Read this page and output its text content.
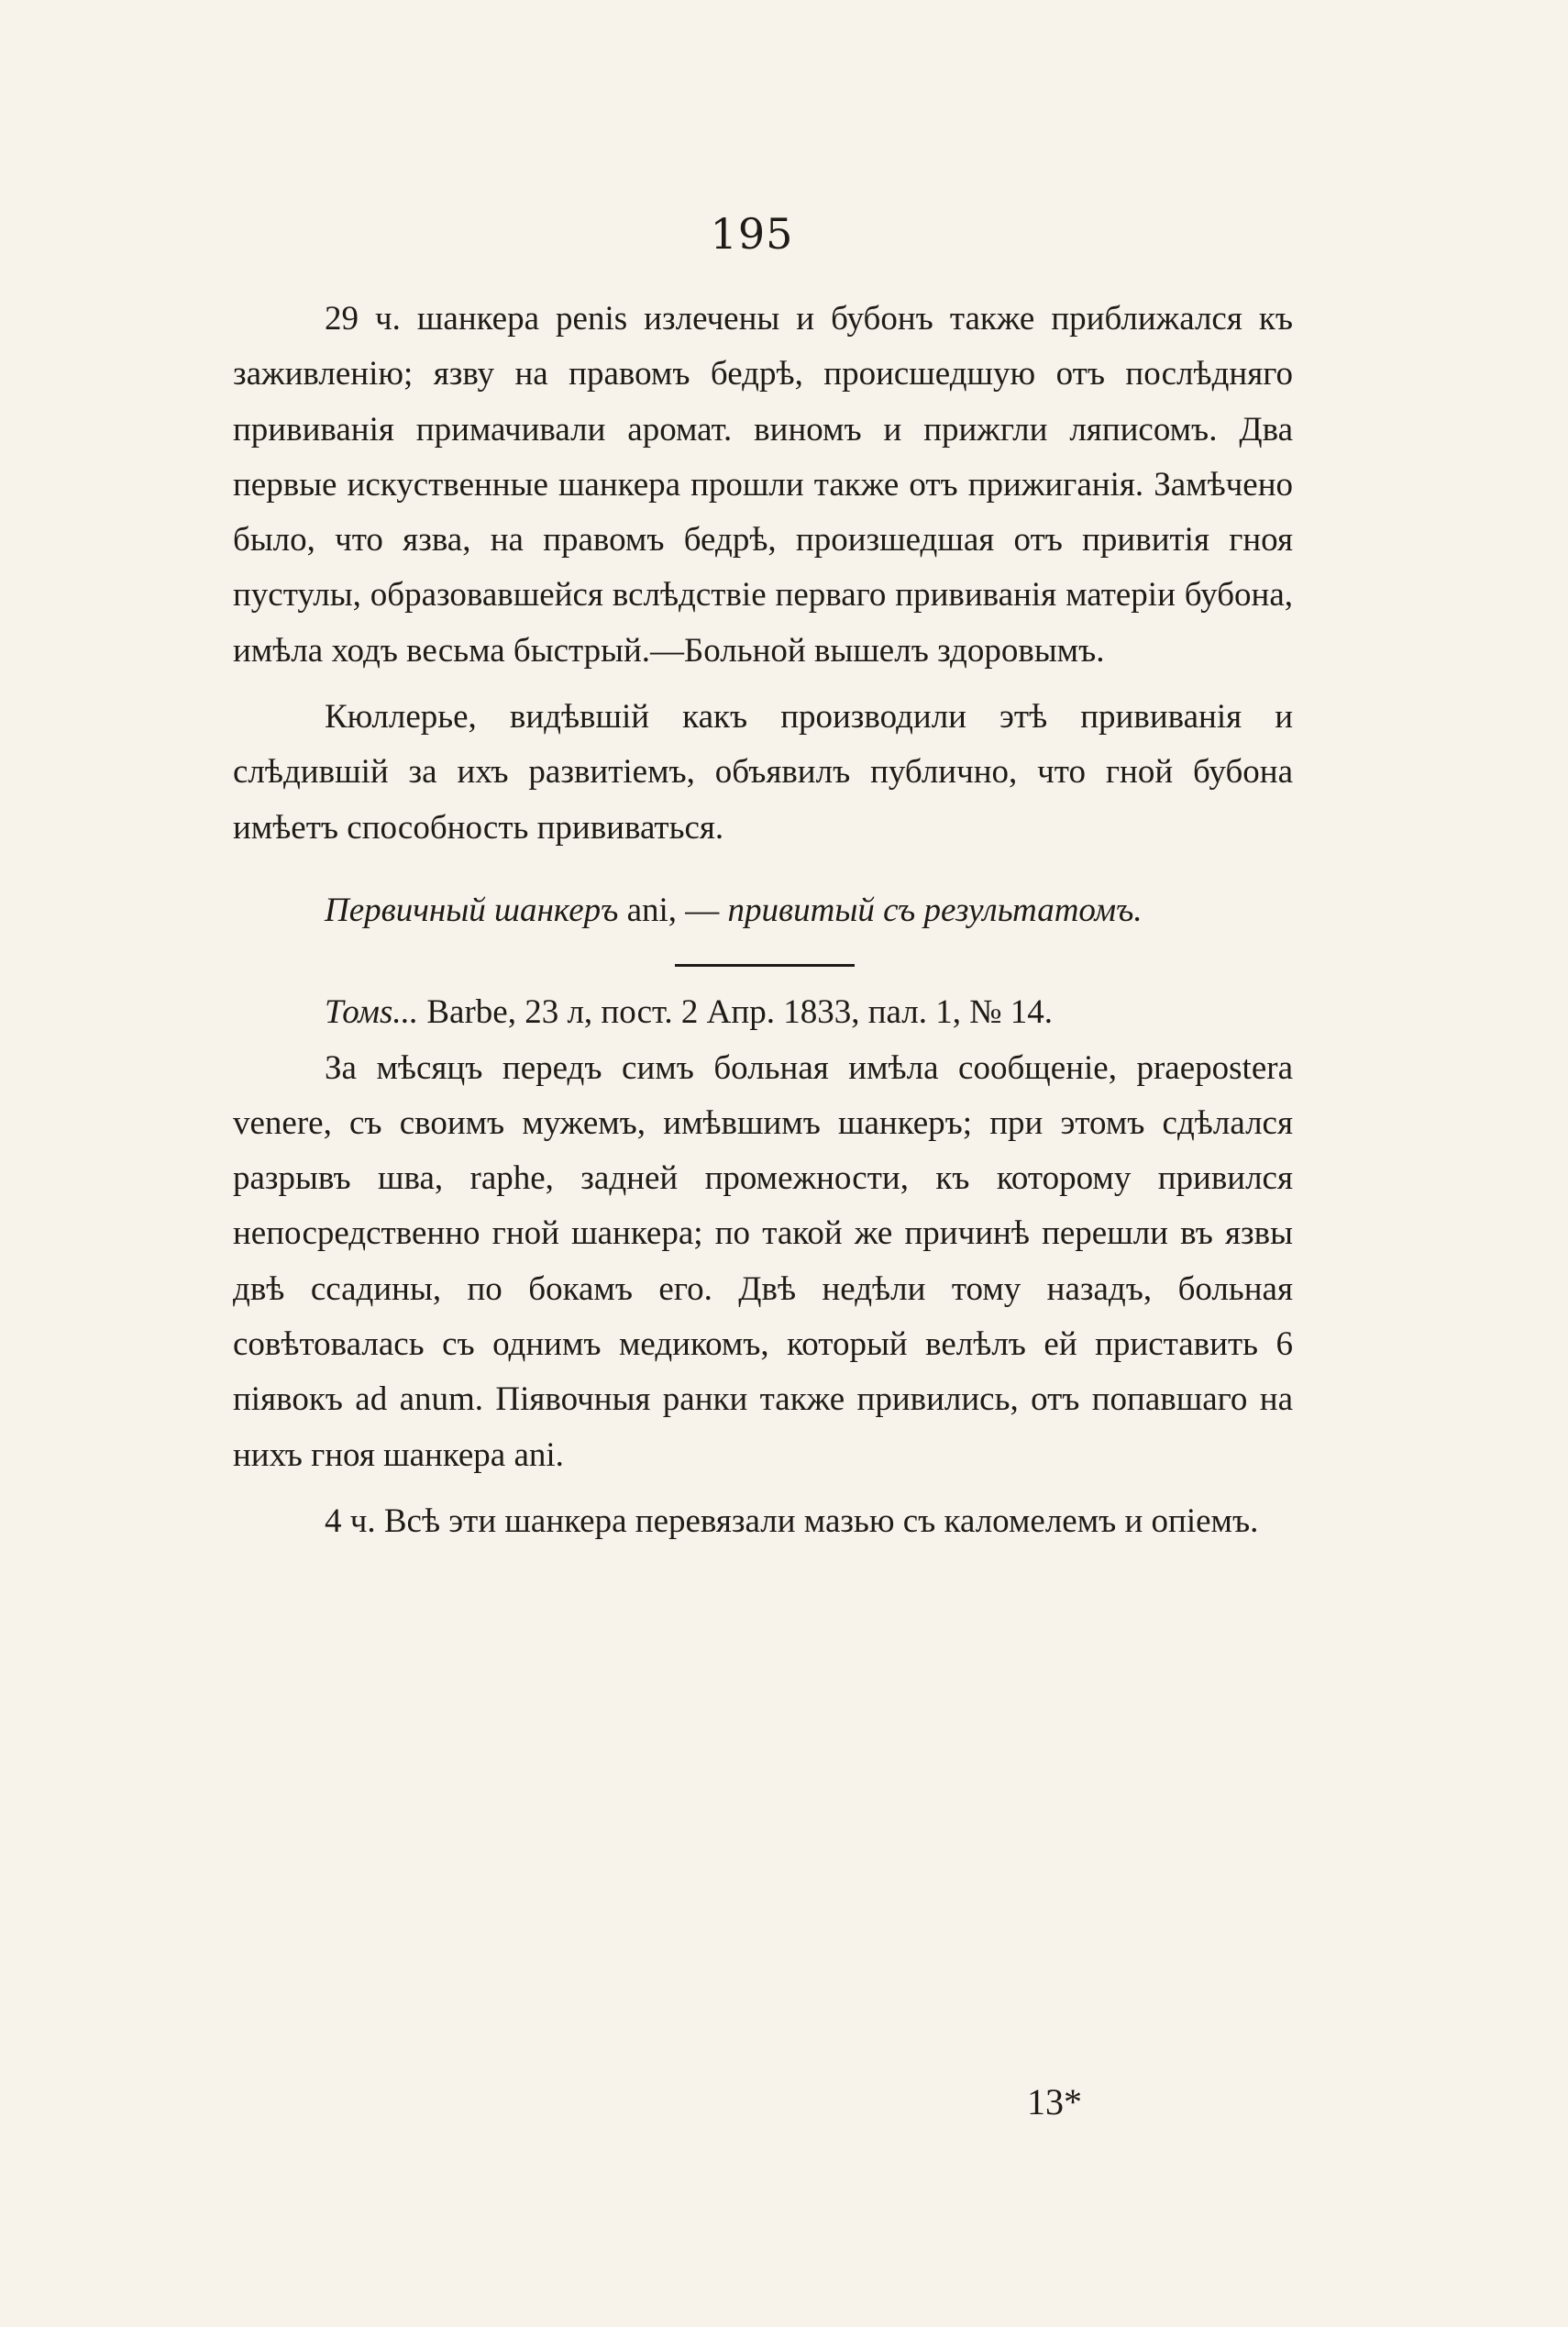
195

29 ч. шанкера penis излечены и бубонъ также приближался къ заживленію; язву на правомъ бедрѣ, происшедшую отъ послѣдняго прививанія примачивали аромат. виномъ и прижгли ляписомъ. Два первые искуственные шанкера прошли также отъ прижиганія. Замѣчено было, что язва, на правомъ бедрѣ, произшедшая отъ привитія гноя пустулы, образовавшейся вслѣдствіе перваго прививанія матеріи бубона, имѣла ходъ весьма быстрый.—Больной вышелъ здоровымъ.

Кюллерье, видѣвшій какъ производили этѣ прививанія и слѣдившій за ихъ развитіемъ, объявилъ публично, что гной бубона имѣетъ способность прививаться.

Первичный шанкеръ ani, — привитый съ результатомъ.

Томs... Barbe, 23 л, пост. 2 Апр. 1833, пал. 1, № 14.

За мѣсяцъ передъ симъ больная имѣла сообщеніе, praepostera venere, съ своимъ мужемъ, имѣвшимъ шанкеръ; при этомъ сдѣлался разрывъ шва, raphe, задней промежности, къ которому привился непосредственно гной шанкера; по такой же причинѣ перешли въ язвы двѣ ссадины, по бокамъ его. Двѣ недѣли тому назадъ, больная совѣтовалась съ однимъ медикомъ, который велѣлъ ей приставить 6 піявокъ ad anum. Піявочныя ранки также привились, отъ попавшаго на нихъ гноя шанкера ani.

4 ч. Всѣ эти шанкера перевязали мазью съ каломелемъ и опіемъ.

13*
